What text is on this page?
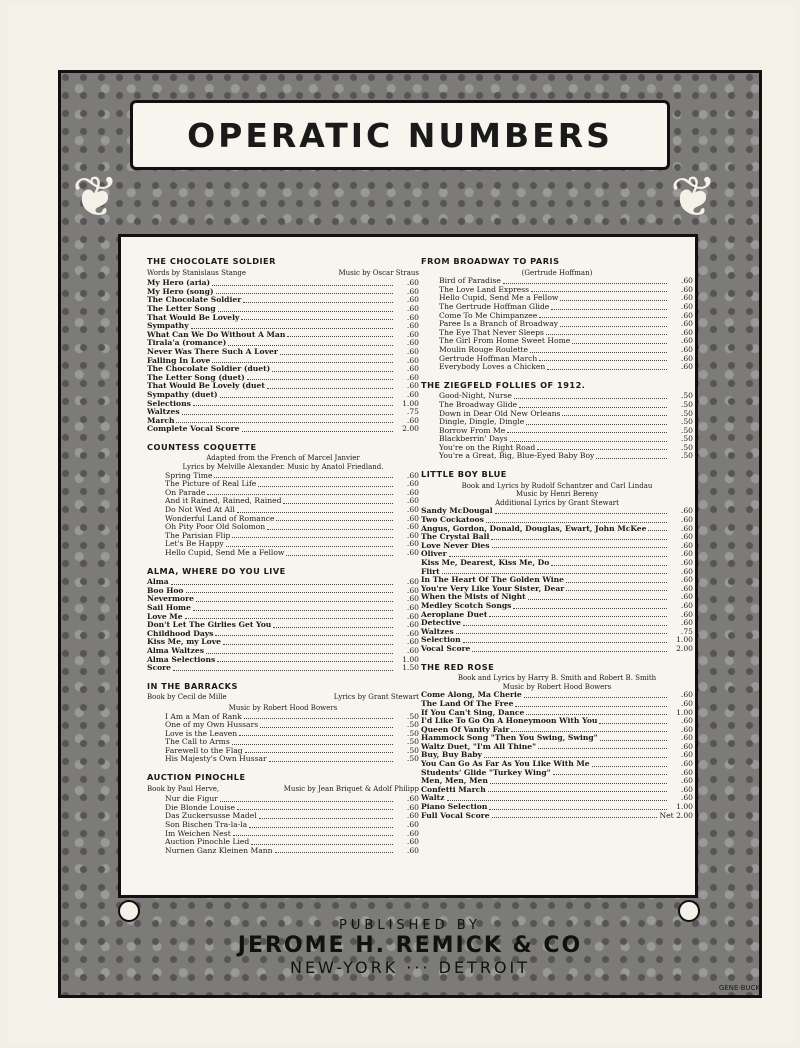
❦	❦
OPERATIC NUMBERS
THE CHOCOLATE SOLDIER
Words by Stanislaus Stange	Music by Oscar Straus
My Hero (aria)	.60
My Hero (song)	.60
The Chocolate Soldier	.60
The Letter Song	.60
That Would Be Lovely	.60
Sympathy	.60
What Can We Do Without A Man	.60
Tirala'a (romance)	.60
Never Was There Such A Lover	.60
Falling In Love	.60
The Chocolate Soldier (duet)	.60
The Letter Song (duet)	.60
That Would Be Lovely (duet	.60
Sympathy (duet)	.60
Selections	1.00
Waltzes	.75
March	.60
Complete Vocal Score	2.00
COUNTESS COQUETTE

Adapted from the French of Marcel Janvier

Lyrics by Melville Alexander. Music by Anatol Friedland.

Spring Time	.60
The Picture of Real Life	.60
On Parade	.60
And it Rained, Rained, Rained	.60
Do Not Wed At All	.60
Wonderful Land of Romance	.60
Oh Pity Poor Old Solomon	.60
The Parisian Flip	.60
Let's Be Happy	.60
Hello Cupid, Send Me a Fellow	.60
ALMA, WHERE DO YOU LIVE
Alma	.60
Boo Hoo	.60
Nevermore	.60
Sail Home	.60
Love Me	.60
Don't Let The Girlies Get You	.60
Childhood Days	.60
Kiss Me, my Love	.60
Alma Waltzes	.60
Alma Selections	1.00
Score	1.50
IN THE BARRACKS
Book by Cecil de Mille	Lyrics by Grant Stewart

Music by Robert Hood Bowers

I Am a Man of Rank	.50
One of my Own Hussars	.50
Love is the Leaven	.50
The Call to Arms	.50
Farewell to the Flag	.50
His Majesty's Own Hussar	.50
AUCTION PINOCHLE
Book by Paul Herve,	Music by Jean Briquet & Adolf Philipp
Nur die Figur	.60
Die Blonde Louise	.60
Das Zuckersusse Madel	.60
Son Bischen Tra-la-la	.60
Im Weichen Nest	.60
Auction Pinochle Lied	.60
Nurnen Ganz Kleinen Mann	.60
FROM BROADWAY TO PARIS

(Gertrude Hoffman)

Bird of Paradise	.60
The Love Land Express	.60
Hello Cupid, Send Me a Fellow	.60
The Gertrude Hoffman Glide	.60
Come To Me Chimpanzee	.60
Paree Is a Branch of Broadway	.60
The Eye That Never Sleeps	.60
The Girl From Home Sweet Home	.60
Moulin Rouge Roulette	.60
Gertrude Hoffman March	.60
Everybody Loves a Chicken	.60
THE ZIEGFELD FOLLIES OF 1912.
Good-Night, Nurse	.50
The Broadway Glide	.50
Down in Dear Old New Orleans	.50
Dingle, Dingle, Dingle	.50
Borrow From Me	.50
Blackberrin' Days	.50
You're on the Right Road	.50
You're a Great, Big, Blue-Eyed Baby Boy	.50
LITTLE BOY BLUE

Book and Lyrics by Rudolf Schantzer and Carl Lindau

Music by Henri Bereny

Additional Lyrics by Grant Stewart

Sandy McDougal	.60
Two Cockatoos	.60
Angus, Gordon, Donald, Douglas, Ewart, John McKee	.60
The Crystal Ball	.60
Love Never Dies	.60
Oliver	.60
Kiss Me, Dearest, Kiss Me, Do	.60
Flirt	.60
In The Heart Of The Golden Wine	.60
You're Very Like Your Sister, Dear	.60
When the Mists of Night	.60
Medley Scotch Songs	.60
Aeroplane Duet	.60
Detective	.60
Waltzes	.75
Selection	1.00
Vocal Score	2.00
THE RED ROSE

Book and Lyrics by Harry B. Smith and Robert B. Smith

Music by Robert Hood Bowers

Come Along, Ma Cherie	.60
The Land Of The Free	.60
If You Can't Sing, Dance	1.00
I'd Like To Go On A Honeymoon With You	.60
Queen Of Vanity Fair	.60
Hammock Song "Then You Swing, Swing"	.60
Waltz Duet, "I'm All Thine"	.60
Buy, Buy Baby	.60
You Can Go As Far As You Like With Me	.60
Students' Glide "Turkey Wing"	.60
Men, Men, Men	.60
Confetti March	.60
Waltz	.60
Piano Selection	1.00
Full Vocal Score	Net 2.00
PUBLISHED BY
JEROME H. REMICK & CO
NEW-YORK ··· DETROIT
GENE·BUCK
